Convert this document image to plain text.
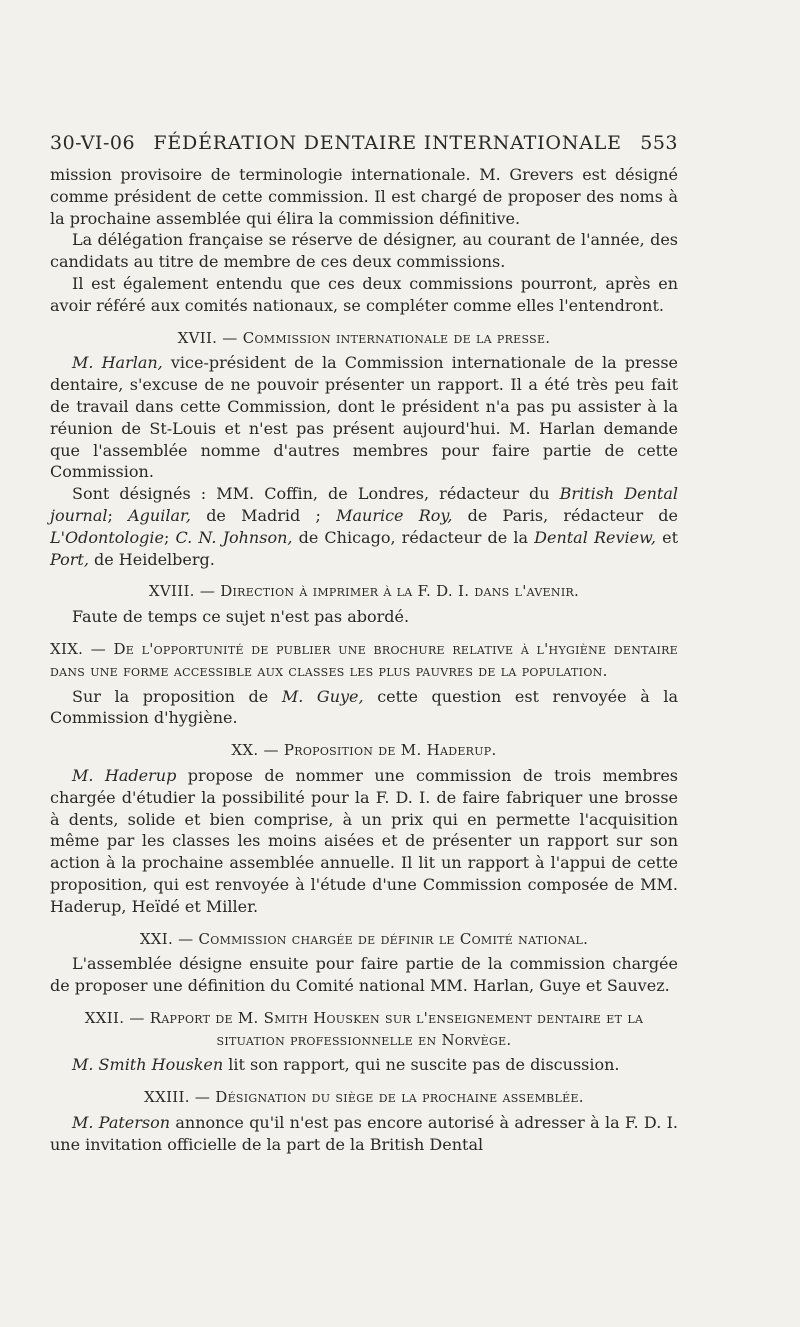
30-VI-06 FÉDÉRATION DENTAIRE INTERNATIONALE 553

mission provisoire de terminologie internationale. M. Grevers est désigné comme président de cette commission. Il est chargé de proposer des noms à la prochaine assemblée qui élira la commission définitive.

La délégation française se réserve de désigner, au courant de l'année, des candidats au titre de membre de ces deux commissions.

Il est également entendu que ces deux commissions pourront, après en avoir référé aux comités nationaux, se compléter comme elles l'entendront.

XVII. — Commission internationale de la presse.

M. Harlan, vice-président de la Commission internationale de la presse dentaire, s'excuse de ne pouvoir présenter un rapport. Il a été très peu fait de travail dans cette Commission, dont le président n'a pas pu assister à la réunion de St-Louis et n'est pas présent aujourd'hui. M. Harlan demande que l'assemblée nomme d'autres membres pour faire partie de cette Commission.

Sont désignés : MM. Coffin, de Londres, rédacteur du British Dental journal; Aguilar, de Madrid ; Maurice Roy, de Paris, rédacteur de L'Odontologie; C. N. Johnson, de Chicago, rédacteur de la Dental Review, et Port, de Heidelberg.

XVIII. — Direction à imprimer à la F. D. I. dans l'avenir.

Faute de temps ce sujet n'est pas abordé.

XIX. — De l'opportunité de publier une brochure relative à l'hygiène dentaire dans une forme accessible aux classes les plus pauvres de la population.

Sur la proposition de M. Guye, cette question est renvoyée à la Commission d'hygiène.

XX. — Proposition de M. Haderup.

M. Haderup propose de nommer une commission de trois membres chargée d'étudier la possibilité pour la F. D. I. de faire fabriquer une brosse à dents, solide et bien comprise, à un prix qui en permette l'acquisition même par les classes les moins aisées et de présenter un rapport sur son action à la prochaine assemblée annuelle. Il lit un rapport à l'appui de cette proposition, qui est renvoyée à l'étude d'une Commission composée de MM. Haderup, Heïdé et Miller.

XXI. — Commission chargée de définir le Comité national.

L'assemblée désigne ensuite pour faire partie de la commission chargée de proposer une définition du Comité national MM. Harlan, Guye et Sauvez.

XXII. — Rapport de M. Smith Housken sur l'enseignement dentaire et la situation professionnelle en Norvège.

M. Smith Housken lit son rapport, qui ne suscite pas de discussion.

XXIII. — Désignation du siège de la prochaine assemblée.

M. Paterson annonce qu'il n'est pas encore autorisé à adresser à la F. D. I. une invitation officielle de la part de la British Dental
